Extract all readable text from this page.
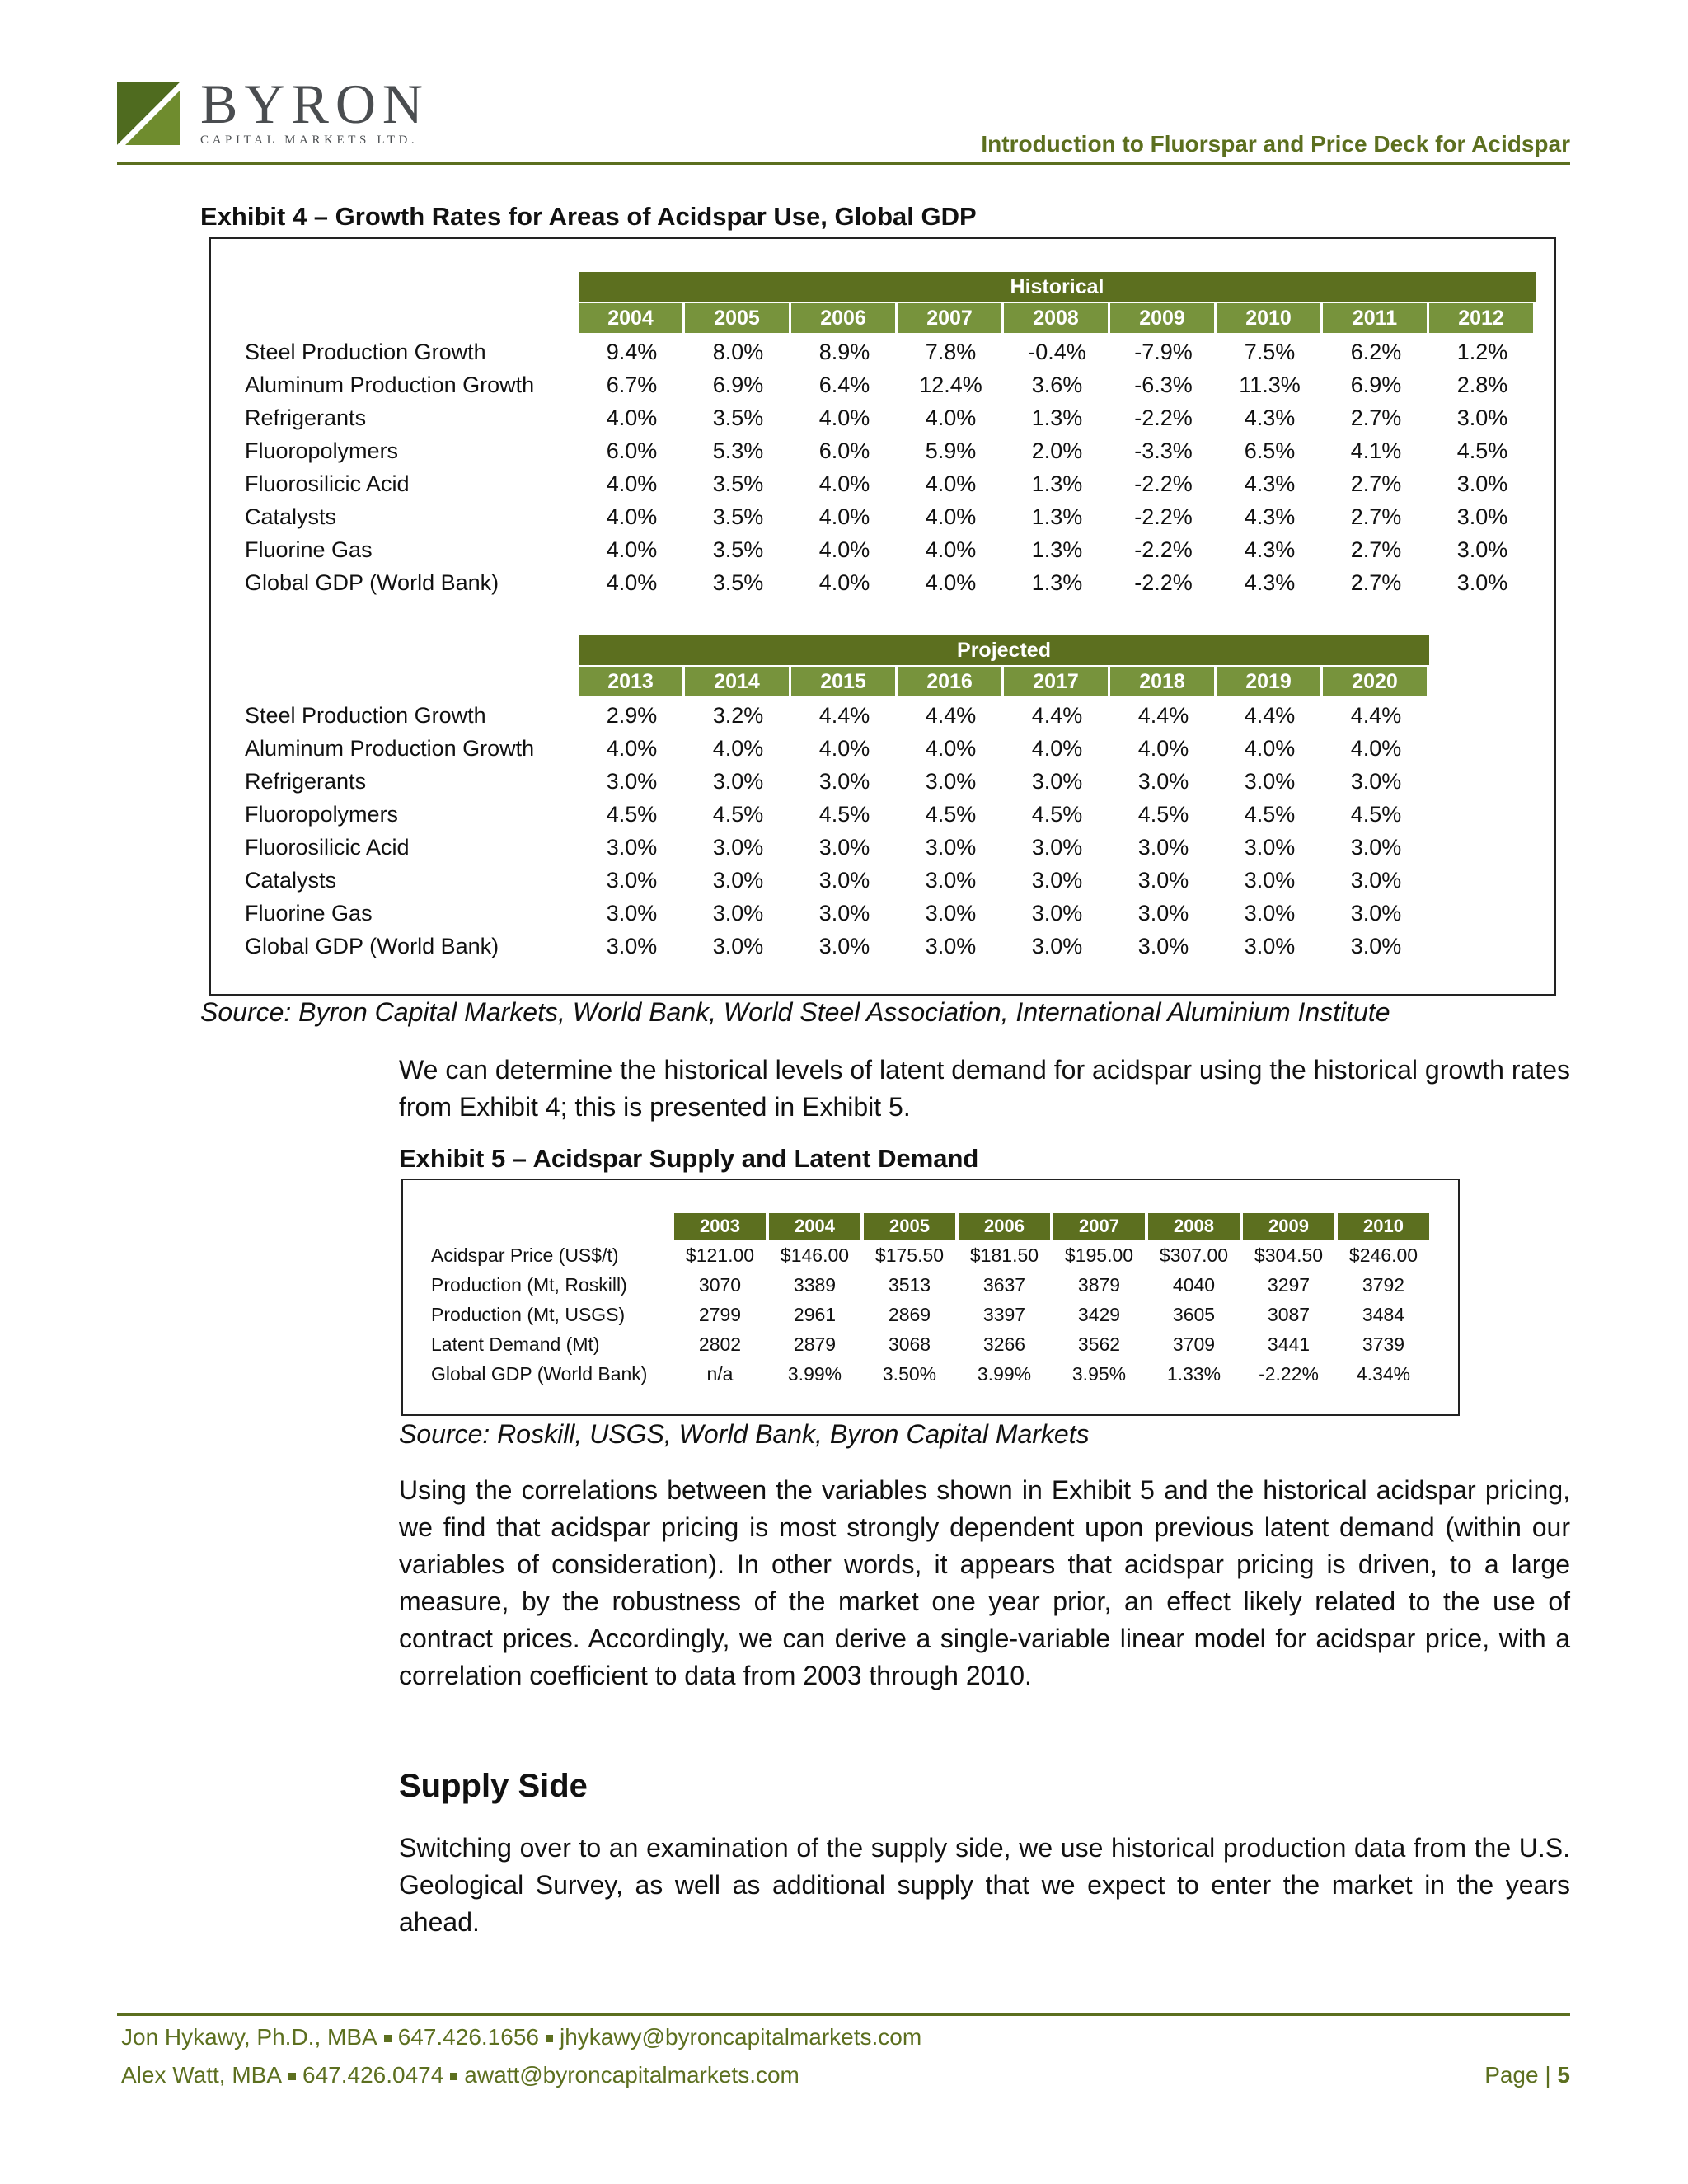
BYRON
CAPITAL MARKETS LTD.	Introduction to Fluorspar and Price Deck for Acidspar
Exhibit 4 – Growth Rates for Areas of Acidspar Use, Global GDP
Historical
2004	2005	2006	2007	2008	2009	2010	2011	2012
Steel Production Growth	9.4%	8.0%	8.9%	7.8%	-0.4%	-7.9%	7.5%	6.2%	1.2%
Aluminum Production Growth	6.7%	6.9%	6.4%	12.4%	3.6%	-6.3%	11.3%	6.9%	2.8%
Refrigerants	4.0%	3.5%	4.0%	4.0%	1.3%	-2.2%	4.3%	2.7%	3.0%
Fluoropolymers	6.0%	5.3%	6.0%	5.9%	2.0%	-3.3%	6.5%	4.1%	4.5%
Fluorosilicic Acid	4.0%	3.5%	4.0%	4.0%	1.3%	-2.2%	4.3%	2.7%	3.0%
Catalysts	4.0%	3.5%	4.0%	4.0%	1.3%	-2.2%	4.3%	2.7%	3.0%
Fluorine Gas	4.0%	3.5%	4.0%	4.0%	1.3%	-2.2%	4.3%	2.7%	3.0%
Global GDP (World Bank)	4.0%	3.5%	4.0%	4.0%	1.3%	-2.2%	4.3%	2.7%	3.0%
Projected
2013	2014	2015	2016	2017	2018	2019	2020
Steel Production Growth	2.9%	3.2%	4.4%	4.4%	4.4%	4.4%	4.4%	4.4%
Aluminum Production Growth	4.0%	4.0%	4.0%	4.0%	4.0%	4.0%	4.0%	4.0%
Refrigerants	3.0%	3.0%	3.0%	3.0%	3.0%	3.0%	3.0%	3.0%
Fluoropolymers	4.5%	4.5%	4.5%	4.5%	4.5%	4.5%	4.5%	4.5%
Fluorosilicic Acid	3.0%	3.0%	3.0%	3.0%	3.0%	3.0%	3.0%	3.0%
Catalysts	3.0%	3.0%	3.0%	3.0%	3.0%	3.0%	3.0%	3.0%
Fluorine Gas	3.0%	3.0%	3.0%	3.0%	3.0%	3.0%	3.0%	3.0%
Global GDP (World Bank)	3.0%	3.0%	3.0%	3.0%	3.0%	3.0%	3.0%	3.0%
Source: Byron Capital Markets, World Bank, World Steel Association, International Aluminium Institute
We can determine the historical levels of latent demand for acidspar using the historical growth rates from Exhibit 4; this is presented in Exhibit 5.
Exhibit 5 – Acidspar Supply and Latent Demand
2003	2004	2005	2006	2007	2008	2009	2010
Acidspar Price (US$/t)	$121.00	$146.00	$175.50	$181.50	$195.00	$307.00	$304.50	$246.00
Production (Mt, Roskill)	3070	3389	3513	3637	3879	4040	3297	3792
Production (Mt, USGS)	2799	2961	2869	3397	3429	3605	3087	3484
Latent Demand (Mt)	2802	2879	3068	3266	3562	3709	3441	3739
Global GDP (World Bank)	n/a	3.99%	3.50%	3.99%	3.95%	1.33%	-2.22%	4.34%
Source: Roskill, USGS, World Bank, Byron Capital Markets
Using the correlations between the variables shown in Exhibit 5 and the historical acidspar pricing, we find that acidspar pricing is most strongly dependent upon previous latent demand (within our variables of consideration). In other words, it appears that acidspar pricing is driven, to a large measure, by the robustness of the market one year prior, an effect likely related to the use of contract prices. Accordingly, we can derive a single-variable linear model for acidspar price, with a correlation coefficient to data from 2003 through 2010.
Supply Side
Switching over to an examination of the supply side, we use historical production data from the U.S. Geological Survey, as well as additional supply that we expect to enter the market in the years ahead.
Jon Hykawy, Ph.D., MBA 647.426.1656 jhykawy@byroncapitalmarkets.com
Alex Watt, MBA 647.426.0474 awatt@byroncapitalmarkets.com	Page | 5
